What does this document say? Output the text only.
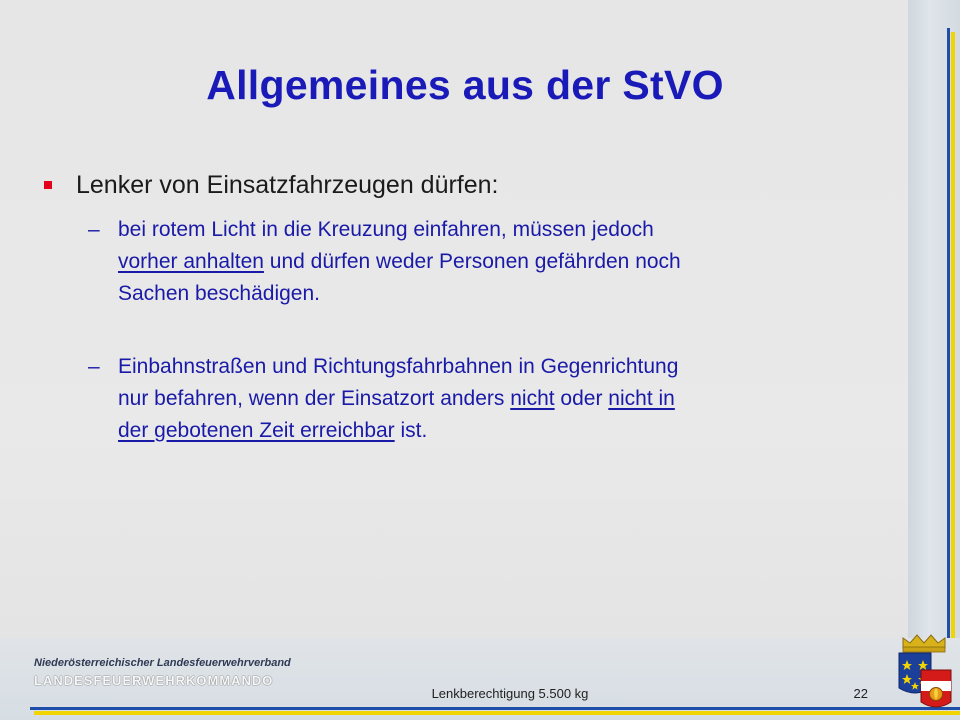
Allgemeines aus der StVO
Lenker von Einsatzfahrzeugen dürfen:
– bei rotem Licht in die Kreuzung einfahren, müssen jedoch
vorher anhalten und dürfen weder Personen gefährden noch
Sachen beschädigen.
– Einbahnstraßen und Richtungsfahrbahnen in Gegenrichtung
nur befahren, wenn der Einsatzort anders nicht oder nicht in
der gebotenen Zeit erreichbar ist.
Niederösterreichischer Landesfeuerwehrverband
LANDESFEUERWEHRKOMMANDO
Lenkberechtigung 5.500 kg	22
